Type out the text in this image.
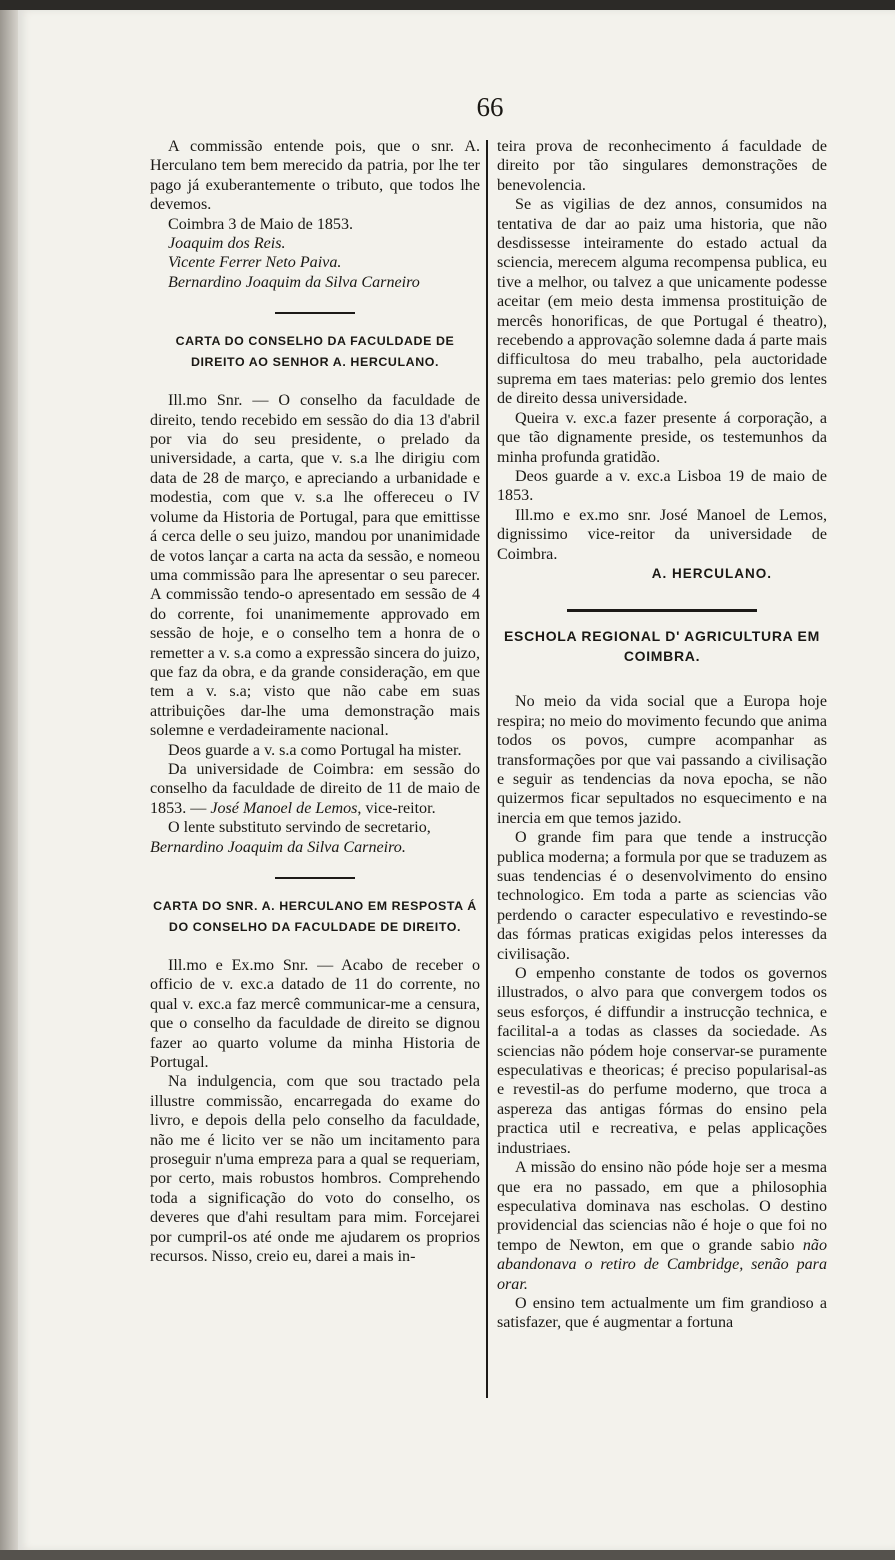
66

A commissão entende pois, que o snr. A. Herculano tem bem merecido da patria, por lhe ter pago já exuberantemente o tributo, que todos lhe devemos.

Coimbra 3 de Maio de 1853.

Joaquim dos Reis.

Vicente Ferrer Neto Paiva.

Bernardino Joaquim da Silva Carneiro

CARTA DO CONSELHO DA FACULDADE DE DIREITO AO SENHOR A. HERCULANO.

Ill.mo Snr. — O conselho da faculdade de direito, tendo recebido em sessão do dia 13 d'abril por via do seu presidente, o prelado da universidade, a carta, que v. s.a lhe dirigiu com data de 28 de março, e apreciando a urbanidade e modestia, com que v. s.a lhe offereceu o IV volume da Historia de Portugal, para que emittisse á cerca delle o seu juizo, mandou por unanimidade de votos lançar a carta na acta da sessão, e nomeou uma commissão para lhe apresentar o seu parecer. A commissão tendo-o apresentado em sessão de 4 do corrente, foi unanimemente approvado em sessão de hoje, e o conselho tem a honra de o remetter a v. s.a como a expressão sincera do juizo, que faz da obra, e da grande consideração, em que tem a v. s.a; visto que não cabe em suas attribuições dar-lhe uma demonstração mais solemne e verdadeiramente nacional.

Deos guarde a v. s.a como Portugal ha mister.

Da universidade de Coimbra: em sessão do conselho da faculdade de direito de 11 de maio de 1853. — José Manoel de Lemos, vice-reitor.

O lente substituto servindo de secretario,

Bernardino Joaquim da Silva Carneiro.

CARTA DO SNR. A. HERCULANO EM RESPOSTA Á DO CONSELHO DA FACULDADE DE DIREITO.

Ill.mo e Ex.mo Snr. — Acabo de receber o officio de v. exc.a datado de 11 do corrente, no qual v. exc.a faz mercê communicar-me a censura, que o conselho da faculdade de direito se dignou fazer ao quarto volume da minha Historia de Portugal.

Na indulgencia, com que sou tractado pela illustre commissão, encarregada do exame do livro, e depois della pelo conselho da faculdade, não me é licito ver se não um incitamento para proseguir n'uma empreza para a qual se requeriam, por certo, mais robustos hombros. Comprehendo toda a significação do voto do conselho, os deveres que d'ahi resultam para mim. Forcejarei por cumpril-os até onde me ajudarem os proprios recursos. Nisso, creio eu, darei a mais in-

teira prova de reconhecimento á faculdade de direito por tão singulares demonstrações de benevolencia.

Se as vigilias de dez annos, consumidos na tentativa de dar ao paiz uma historia, que não desdissesse inteiramente do estado actual da sciencia, merecem alguma recompensa publica, eu tive a melhor, ou talvez a que unicamente podesse aceitar (em meio desta immensa prostituição de mercês honorificas, de que Portugal é theatro), recebendo a approvação solemne dada á parte mais difficultosa do meu trabalho, pela auctoridade suprema em taes materias: pelo gremio dos lentes de direito dessa universidade.

Queira v. exc.a fazer presente á corporação, a que tão dignamente preside, os testemunhos da minha profunda gratidão.

Deos guarde a v. exc.a Lisboa 19 de maio de 1853.

Ill.mo e ex.mo snr. José Manoel de Lemos, dignissimo vice-reitor da universidade de Coimbra.

A. HERCULANO.

ESCHOLA REGIONAL D' AGRICULTURA EM COIMBRA.

No meio da vida social que a Europa hoje respira; no meio do movimento fecundo que anima todos os povos, cumpre acompanhar as transformações por que vai passando a civilisação e seguir as tendencias da nova epocha, se não quizermos ficar sepultados no esquecimento e na inercia em que temos jazido.

O grande fim para que tende a instrucção publica moderna; a formula por que se traduzem as suas tendencias é o desenvolvimento do ensino technologico. Em toda a parte as sciencias vão perdendo o caracter especulativo e revestindo-se das fórmas praticas exigidas pelos interesses da civilisação.

O empenho constante de todos os governos illustrados, o alvo para que convergem todos os seus esforços, é diffundir a instrucção technica, e facilital-a a todas as classes da sociedade. As sciencias não pódem hoje conservar-se puramente especulativas e theoricas; é preciso popularisal-as e revestil-as do perfume moderno, que troca a aspereza das antigas fórmas do ensino pela practica util e recreativa, e pelas applicações industriaes.

A missão do ensino não póde hoje ser a mesma que era no passado, em que a philosophia especulativa dominava nas escholas. O destino providencial das sciencias não é hoje o que foi no tempo de Newton, em que o grande sabio não abandonava o retiro de Cambridge, senão para orar.

O ensino tem actualmente um fim grandioso a satisfazer, que é augmentar a fortuna
